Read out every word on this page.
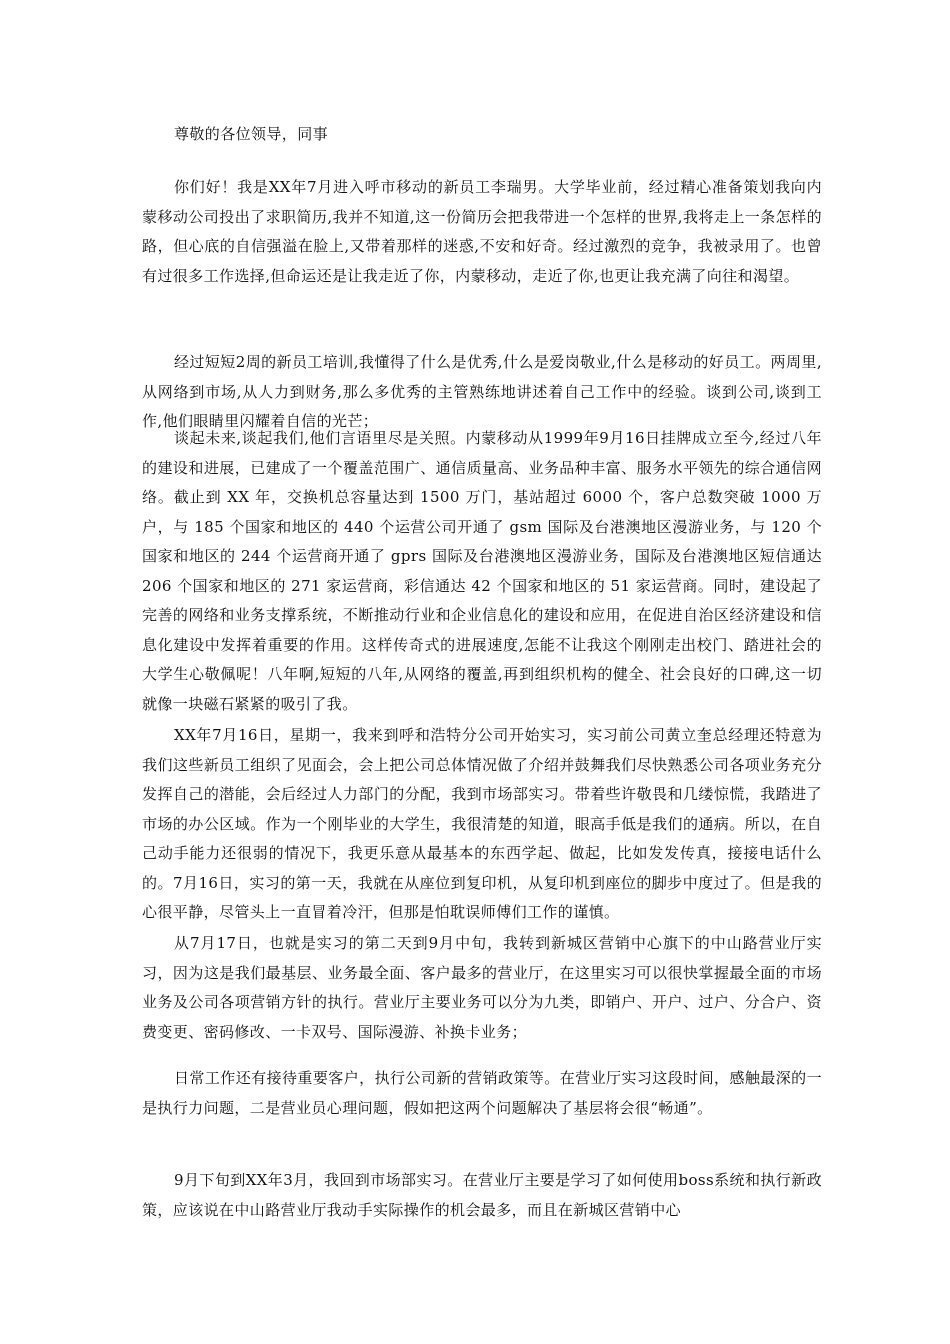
尊敬的各位领导，同事

你们好！我是XX年7月进入呼市移动的新员工李瑞男。大学毕业前，经过精心准备策划我向内蒙移动公司投出了求职简历,我并不知道,这一份简历会把我带进一个怎样的世界,我将走上一条怎样的路，但心底的自信强溢在脸上,又带着那样的迷惑,不安和好奇。经过激烈的竞争，我被录用了。也曾有过很多工作选择,但命运还是让我走近了你，内蒙移动，走近了你,也更让我充满了向往和渴望。

经过短短2周的新员工培训,我懂得了什么是优秀,什么是爱岗敬业,什么是移动的好员工。两周里,从网络到市场,从人力到财务,那么多优秀的主管熟练地讲述着自己工作中的经验。谈到公司,谈到工作,他们眼睛里闪耀着自信的光芒；

谈起未来,谈起我们,他们言语里尽是关照。内蒙移动从1999年9月16日挂牌成立至今,经过八年的建设和进展，已建成了一个覆盖范围广、通信质量高、业务品种丰富、服务水平领先的综合通信网络。截止到 XX 年，交换机总容量达到 1500 万门，基站超过 6000 个，客户总数突破 1000 万户，与 185 个国家和地区的 440 个运营公司开通了 gsm 国际及台港澳地区漫游业务，与 120 个国家和地区的 244 个运营商开通了 gprs 国际及台港澳地区漫游业务，国际及台港澳地区短信通达 206 个国家和地区的 271 家运营商，彩信通达 42 个国家和地区的 51 家运营商。同时，建设起了完善的网络和业务支撑系统，不断推动行业和企业信息化的建设和应用，在促进自治区经济建设和信息化建设中发挥着重要的作用。这样传奇式的进展速度,怎能不让我这个刚刚走出校门、踏进社会的大学生心敬佩呢！八年啊,短短的八年,从网络的覆盖,再到组织机构的健全、社会良好的口碑,这一切就像一块磁石紧紧的吸引了我。

XX年7月16日，星期一，我来到呼和浩特分公司开始实习，实习前公司黄立奎总经理还特意为我们这些新员工组织了见面会，会上把公司总体情况做了介绍并鼓舞我们尽快熟悉公司各项业务充分发挥自己的潜能，会后经过人力部门的分配，我到市场部实习。带着些许敬畏和几缕惊慌，我踏进了市场的办公区域。作为一个刚毕业的大学生，我很清楚的知道，眼高手低是我们的通病。所以，在自己动手能力还很弱的情况下，我更乐意从最基本的东西学起、做起，比如发发传真，接接电话什么的。7月16日，实习的第一天，我就在从座位到复印机，从复印机到座位的脚步中度过了。但是我的心很平静，尽管头上一直冒着冷汗，但那是怕耽误师傅们工作的谨慎。

从7月17日，也就是实习的第二天到9月中旬，我转到新城区营销中心旗下的中山路营业厅实习，因为这是我们最基层、业务最全面、客户最多的营业厅，在这里实习可以很快掌握最全面的市场业务及公司各项营销方针的执行。营业厅主要业务可以分为九类，即销户、开户、过户、分合户、资费变更、密码修改、一卡双号、国际漫游、补换卡业务；

日常工作还有接待重要客户，执行公司新的营销政策等。在营业厅实习这段时间，感触最深的一是执行力问题，二是营业员心理问题，假如把这两个问题解决了基层将会很“畅通”。

9月下旬到XX年3月，我回到市场部实习。在营业厅主要是学习了如何使用boss系统和执行新政策，应该说在中山路营业厅我动手实际操作的机会最多，而且在新城区营销中心
